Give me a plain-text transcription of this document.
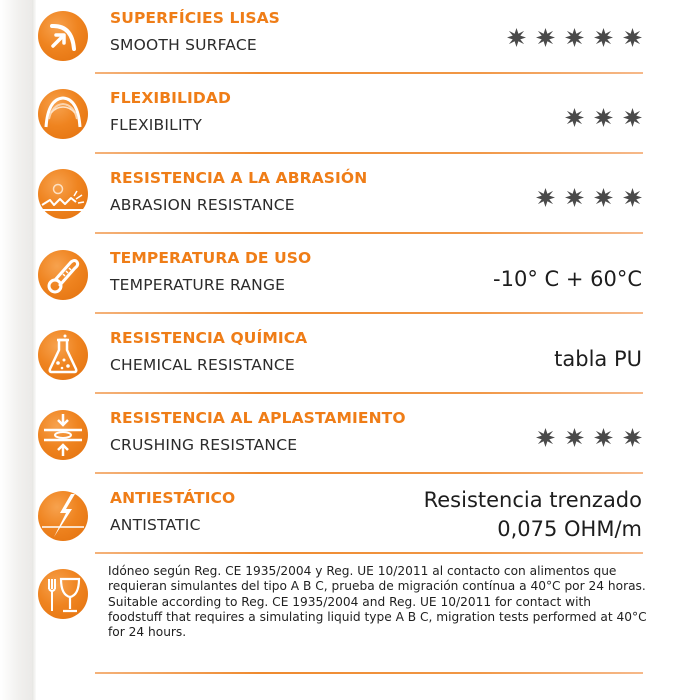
SUPERFÍCIES LISAS
SMOOTH SURFACE
FLEXIBILIDAD
FLEXIBILITY
RESISTENCIA A LA ABRASIÓN
ABRASION RESISTANCE
TEMPERATURA DE USO
TEMPERATURE RANGE	-10° C + 60°C
RESISTENCIA QUÍMICA
CHEMICAL RESISTANCE	tabla PU
RESISTENCIA AL APLASTAMIENTO
CRUSHING RESISTANCE
ANTIESTÁTICO
ANTISTATIC
Resistencia trenzado
0,075 OHM/m
Idóneo según Reg. CE 1935/2004 y Reg. UE 10/2011 al contacto con alimentos que requieran simulantes del tipo A B C, prueba de migración contínua a 40°C por 24 horas.
Suitable according to Reg. CE 1935/2004 and Reg. UE 10/2011 for contact with foodstuff that requires a simulating liquid type A B C, migration tests performed at 40°C for 24 hours.
